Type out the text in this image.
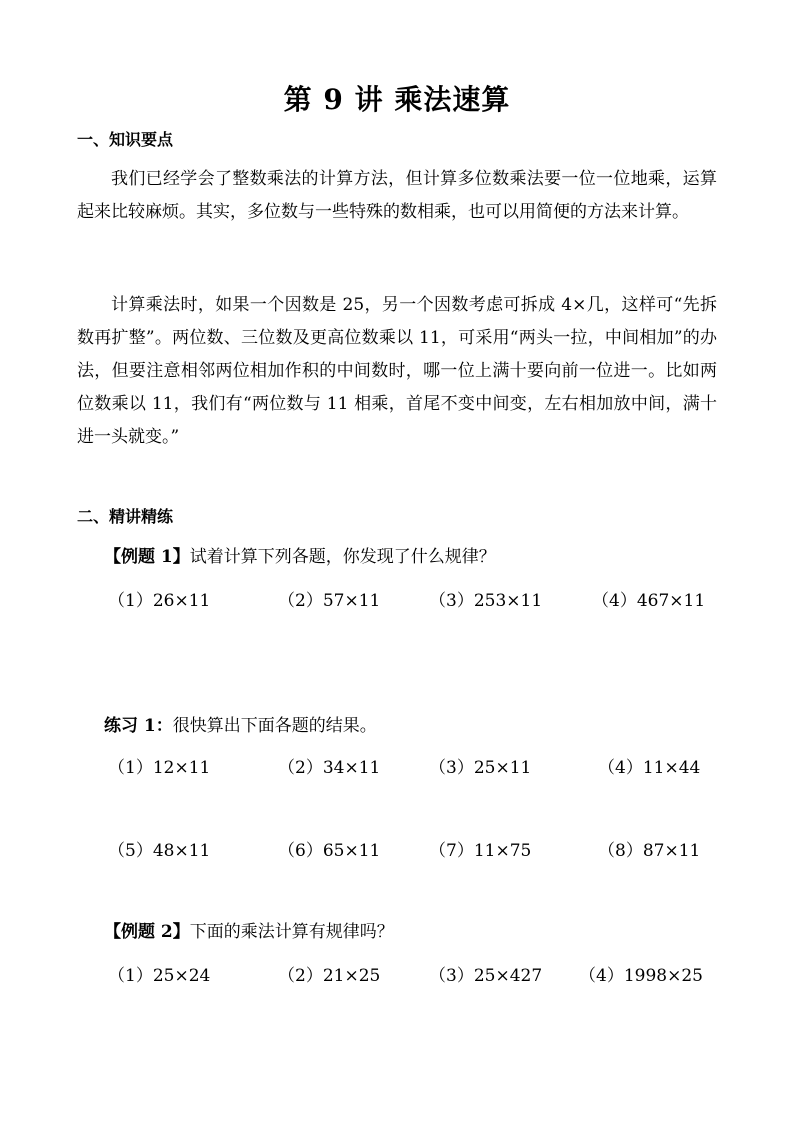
第 9 讲 乘法速算
一、知识要点

我们已经学会了整数乘法的计算方法，但计算多位数乘法要一位一位地乘，运算起来比较麻烦。其实，多位数与一些特殊的数相乘，也可以用简便的方法来计算。

计算乘法时，如果一个因数是 25，另一个因数考虑可拆成 4×几，这样可“先拆数再扩整”。两位数、三位数及更高位数乘以 11，可采用“两头一拉，中间相加”的办法，但要注意相邻两位相加作积的中间数时，哪一位上满十要向前一位进一。比如两位数乘以 11，我们有“两位数与 11 相乘，首尾不变中间变，左右相加放中间，满十进一头就变。”

二、精讲精练
【例题 1】试着计算下列各题，你发现了什么规律？
（1）26×11	（2）57×11	（3）253×11	（4）467×11
练习 1：很快算出下面各题的结果。
（1）12×11	（2）34×11	（3）25×11	（4）11×44
（5）48×11	（6）65×11	（7）11×75	（8）87×11
【例题 2】下面的乘法计算有规律吗？
（1）25×24	（2）21×25	（3）25×427 （4）1998×25
